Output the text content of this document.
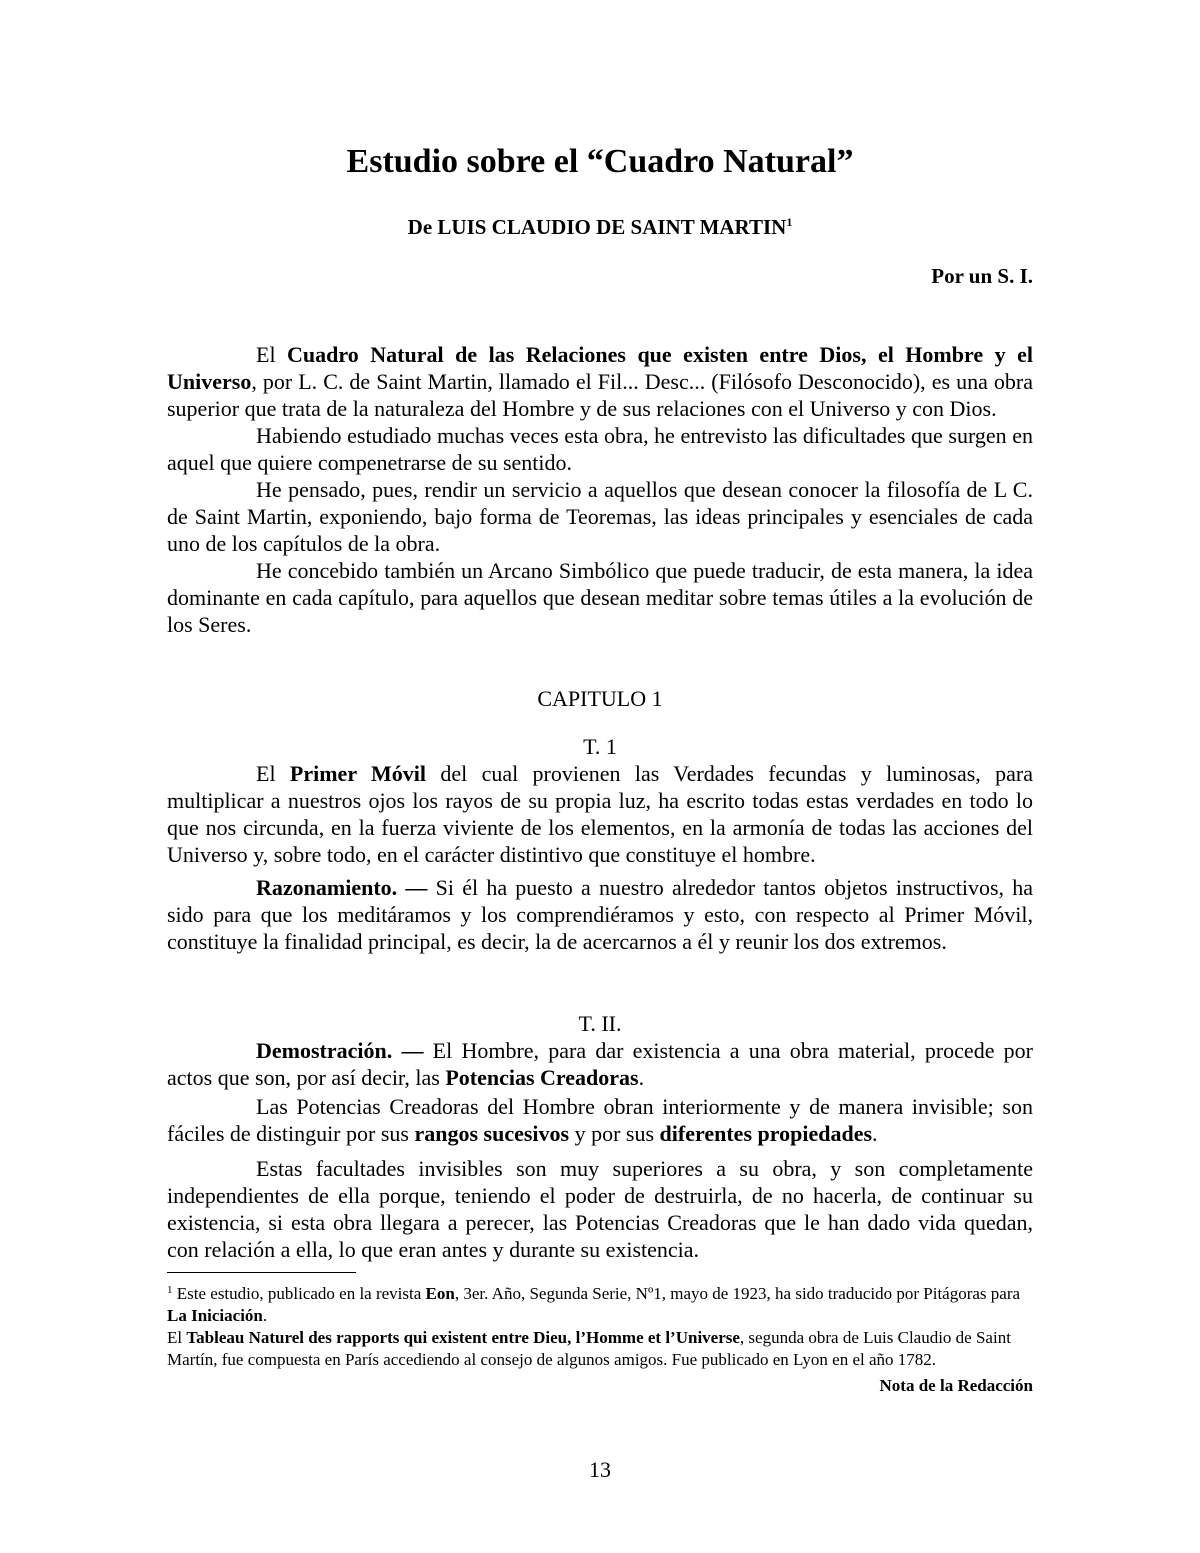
Estudio sobre el “Cuadro Natural”
De LUIS CLAUDIO DE SAINT MARTIN$^1$
Por un S. I.

El Cuadro Natural de las Relaciones que existen entre Dios, el Hombre y el Universo, por L. C. de Saint Martin, llamado el Fil... Desc... (Filósofo Desconocido), es una obra superior que trata de la naturaleza del Hombre y de sus relaciones con el Universo y con Dios.

Habiendo estudiado muchas veces esta obra, he entrevisto las dificultades que surgen en aquel que quiere compenetrarse de su sentido.

He pensado, pues, rendir un servicio a aquellos que desean conocer la filosofía de L C. de Saint Martin, exponiendo, bajo forma de Teoremas, las ideas principales y esenciales de cada uno de los capítulos de la obra.

He concebido también un Arcano Simbólico que puede traducir, de esta manera, la idea dominante en cada capítulo, para aquellos que desean meditar sobre temas útiles a la evolución de los Seres.

CAPITULO 1

T. 1

El Primer Móvil del cual provienen las Verdades fecundas y luminosas, para multiplicar a nuestros ojos los rayos de su propia luz, ha escrito todas estas verdades en todo lo que nos circunda, en la fuerza viviente de los elementos, en la armonía de todas las acciones del Universo y, sobre todo, en el carácter distintivo que constituye el hombre.

Razonamiento. — Si él ha puesto a nuestro alrededor tantos objetos instructivos, ha sido para que los meditáramos y los comprendiéramos y esto, con respecto al Primer Móvil, constituye la finalidad principal, es decir, la de acercarnos a él y reunir los dos extremos.

T. II.

Demostración. — El Hombre, para dar existencia a una obra material, procede por actos que son, por así decir, las Potencias Creadoras.

Las Potencias Creadoras del Hombre obran interiormente y de manera invisible; son fáciles de distinguir por sus rangos sucesivos y por sus diferentes propiedades.

Estas facultades invisibles son muy superiores a su obra, y son completamente independientes de ella porque, teniendo el poder de destruirla, de no hacerla, de continuar su existencia, si esta obra llegara a perecer, las Potencias Creadoras que le han dado vida quedan, con relación a ella, lo que eran antes y durante su existencia.

$^1$ Este estudio, publicado en la revista Eon, 3er. Año, Segunda Serie, Nº1, mayo de 1923, ha sido traducido por Pitágoras para La Iniciación.

El Tableau Naturel des rapports qui existent entre Dieu, l’Homme et l’Universe, segunda obra de Luis Claudio de Saint Martín, fue compuesta en París accediendo al consejo de algunos amigos. Fue publicado en Lyon en el año 1782.

Nota de la Redacción

13
